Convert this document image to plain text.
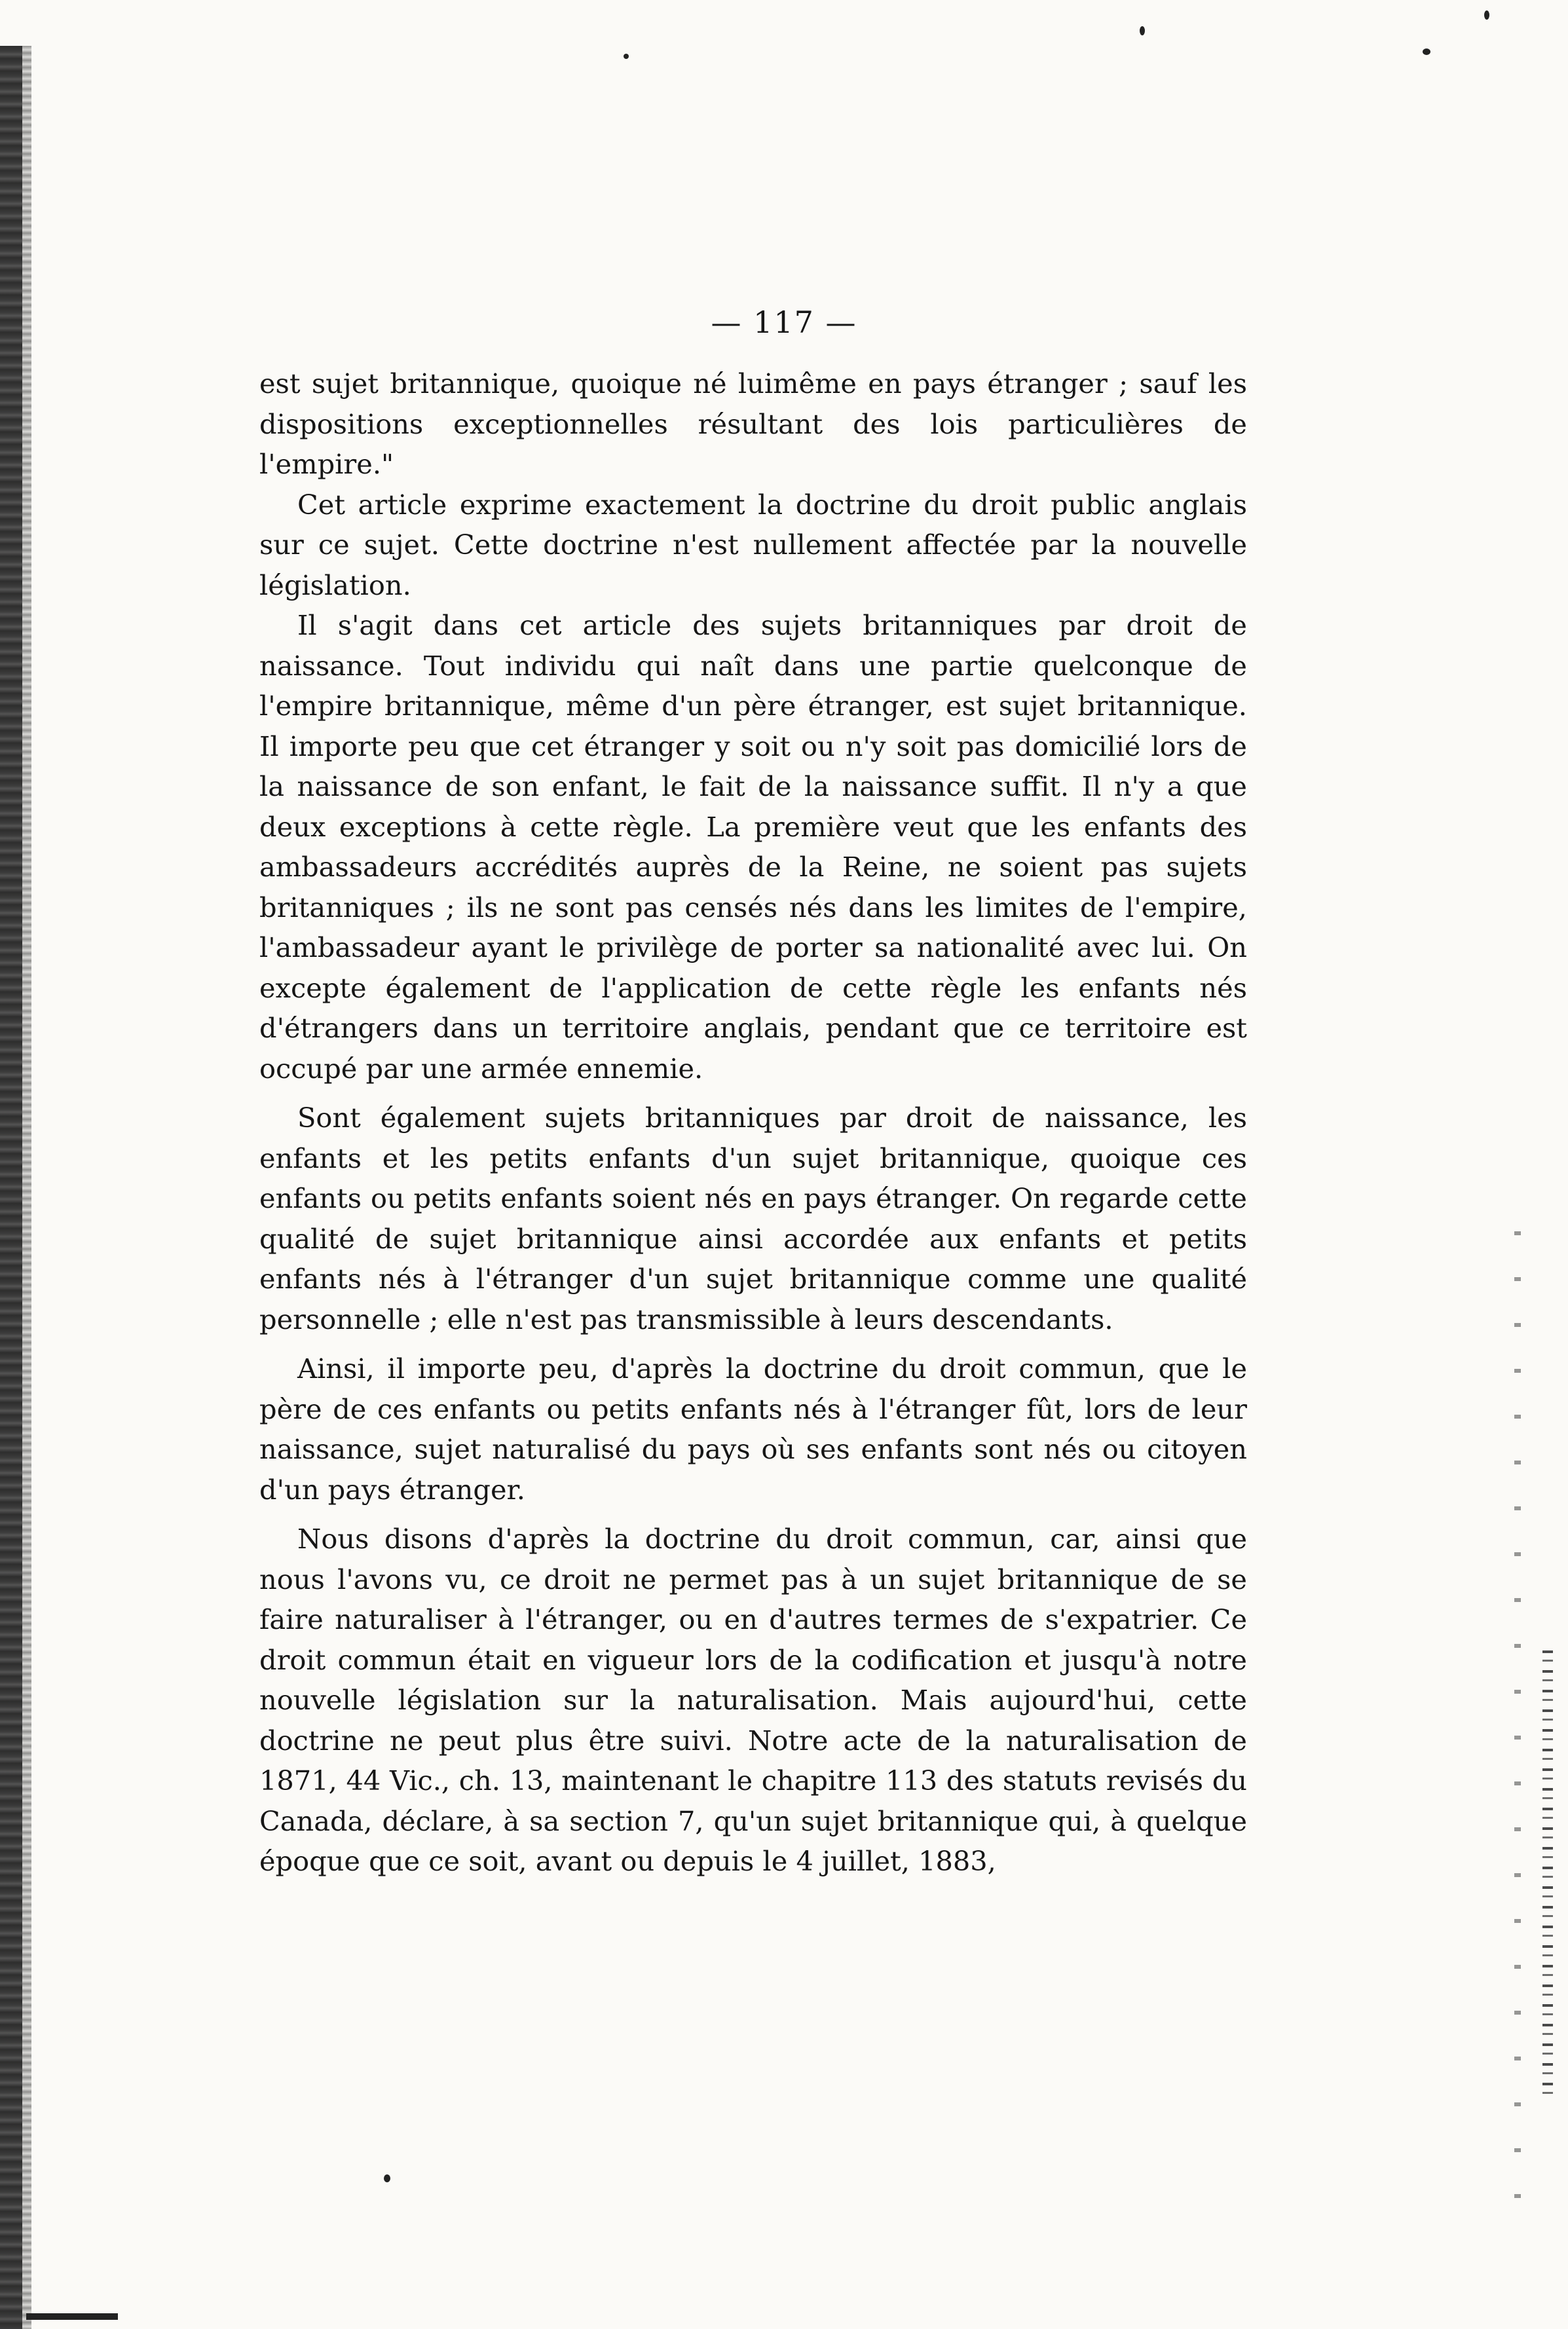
— 117 —

est sujet britannique, quoique né luimême en pays étranger ; sauf les dispositions exceptionnelles résultant des lois particulières de l'empire."

Cet article exprime exactement la doctrine du droit public anglais sur ce sujet. Cette doctrine n'est nullement affectée par la nouvelle législation.

Il s'agit dans cet article des sujets britanniques par droit de naissance. Tout individu qui naît dans une partie quelconque de l'empire britannique, même d'un père étranger, est sujet britannique. Il importe peu que cet étranger y soit ou n'y soit pas domicilié lors de la naissance de son enfant, le fait de la naissance suffit. Il n'y a que deux exceptions à cette règle. La première veut que les enfants des ambassadeurs accrédités auprès de la Reine, ne soient pas sujets britanniques ; ils ne sont pas censés nés dans les limites de l'empire, l'ambassadeur ayant le privilège de porter sa nationalité avec lui. On excepte également de l'application de cette règle les enfants nés d'étrangers dans un territoire anglais, pendant que ce territoire est occupé par une armée ennemie.

Sont également sujets britanniques par droit de naissance, les enfants et les petits enfants d'un sujet britannique, quoique ces enfants ou petits enfants soient nés en pays étranger. On regarde cette qualité de sujet britannique ainsi accordée aux enfants et petits enfants nés à l'étranger d'un sujet britannique comme une qualité personnelle ; elle n'est pas transmissible à leurs descendants.

Ainsi, il importe peu, d'après la doctrine du droit commun, que le père de ces enfants ou petits enfants nés à l'étranger fût, lors de leur naissance, sujet naturalisé du pays où ses enfants sont nés ou citoyen d'un pays étranger.

Nous disons d'après la doctrine du droit commun, car, ainsi que nous l'avons vu, ce droit ne permet pas à un sujet britannique de se faire naturaliser à l'étranger, ou en d'autres termes de s'expatrier. Ce droit commun était en vigueur lors de la codification et jusqu'à notre nouvelle législation sur la naturalisation. Mais aujourd'hui, cette doctrine ne peut plus être suivi. Notre acte de la naturalisation de 1871, 44 Vic., ch. 13, maintenant le chapitre 113 des statuts revisés du Canada, déclare, à sa section 7, qu'un sujet britannique qui, à quelque époque que ce soit, avant ou depuis le 4 juillet, 1883,
